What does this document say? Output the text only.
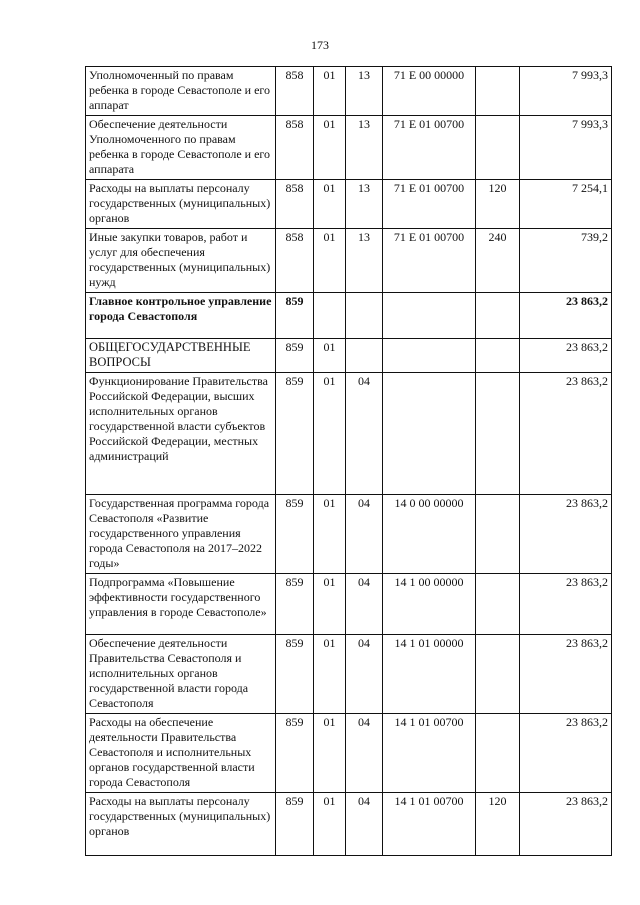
173
Уполномоченный по правам ребенка в городе Севастополе и его аппарат	858	01	13	71 Е 00 00000		7 993,3
Обеспечение деятельности Уполномоченного по правам ребенка в городе Севастополе и его аппарата	858	01	13	71 Е 01 00700		7 993,3
Расходы на выплаты персоналу государственных (муниципальных) органов	858	01	13	71 Е 01 00700	120	7 254,1
Иные закупки товаров, работ и услуг для обеспечения государственных (муниципальных) нужд	858	01	13	71 Е 01 00700	240	739,2
Главное контрольное управление города Севастополя	859					23 863,2
ОБЩЕГОСУДАРСТВЕННЫЕ ВОПРОСЫ	859	01				23 863,2
Функционирование Правительства Российской Федерации, высших исполнительных органов государственной власти субъектов Российской Федерации, местных администраций	859	01	04			23 863,2
Государственная программа города Севастополя «Развитие государственного управления города Севастополя на 2017–2022 годы»	859	01	04	14 0 00 00000		23 863,2
Подпрограмма «Повышение эффективности государственного управления в городе Севастополе»	859	01	04	14 1 00 00000		23 863,2
Обеспечение деятельности Правительства Севастополя и исполнительных органов государственной власти города Севастополя	859	01	04	14 1 01 00000		23 863,2
Расходы на обеспечение деятельности Правительства Севастополя и исполнительных органов государственной власти города Севастополя	859	01	04	14 1 01 00700		23 863,2
Расходы на выплаты персоналу государственных (муниципальных) органов	859	01	04	14 1 01 00700	120	23 863,2
